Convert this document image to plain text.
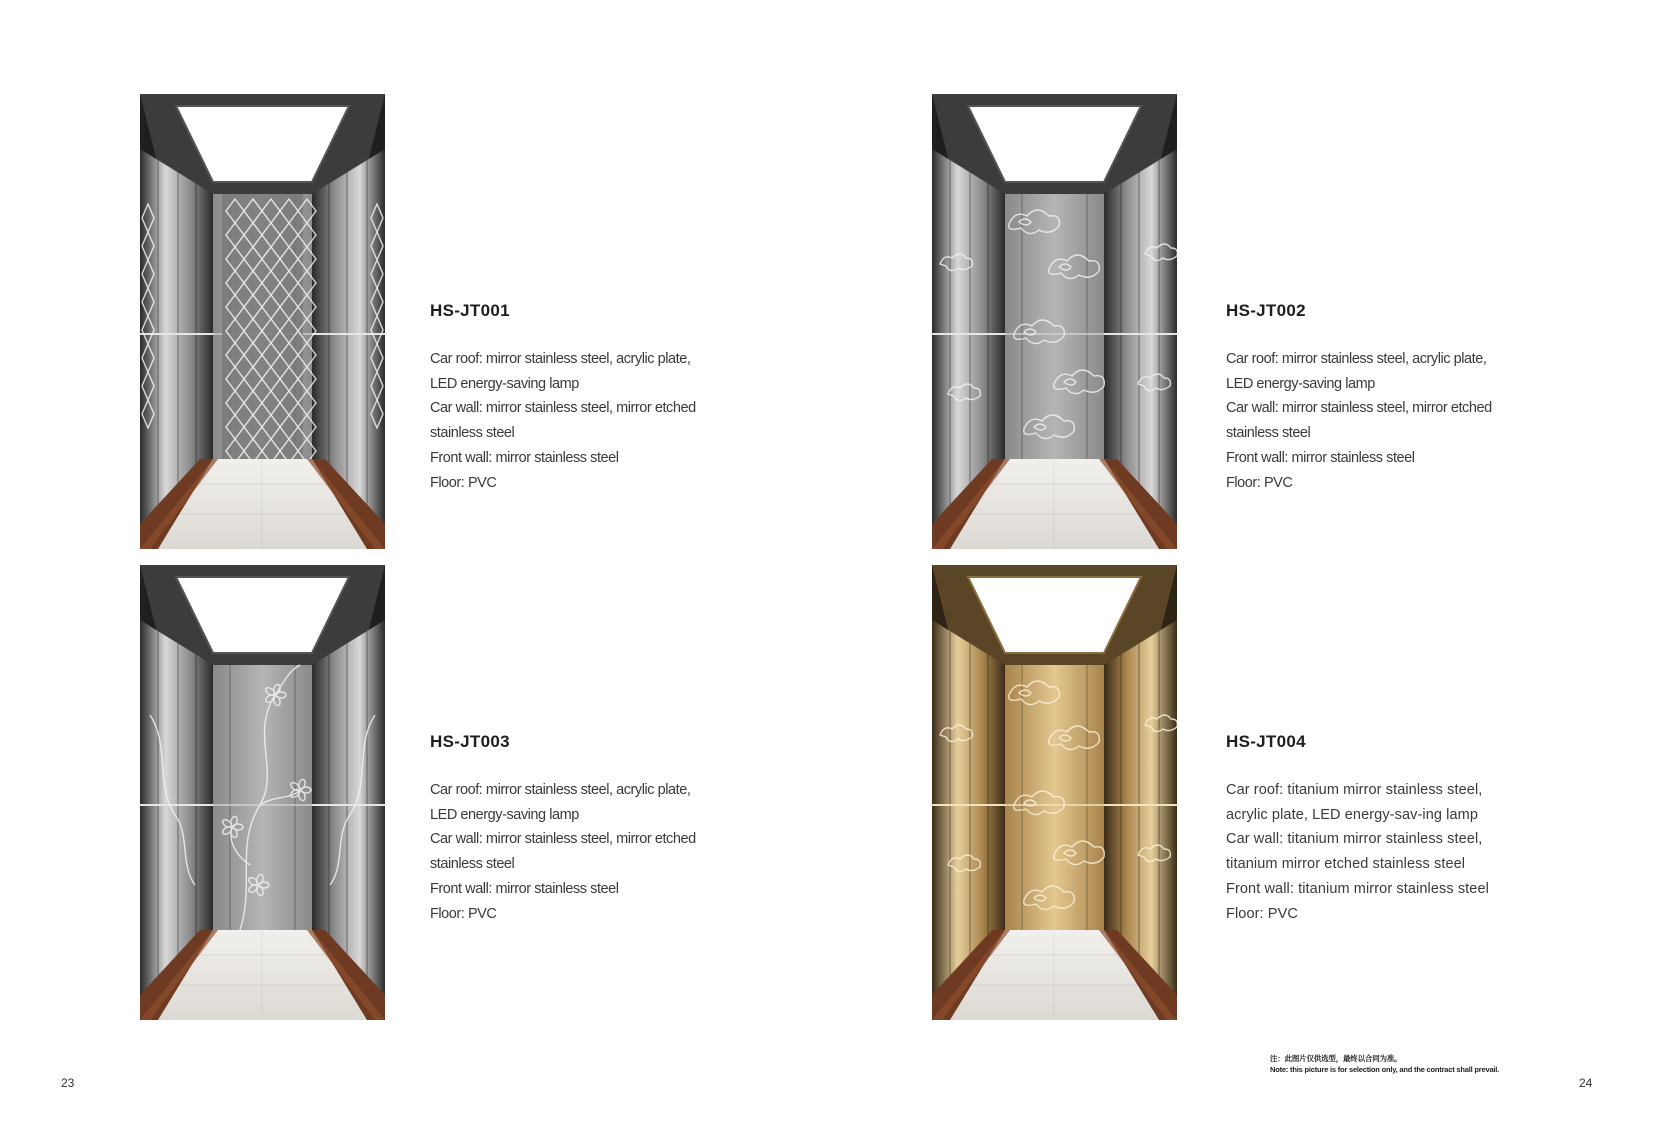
HS-JT001
Car roof: mirror stainless steel, acrylic plate,
LED energy-saving lamp
Car wall: mirror stainless steel, mirror etched
stainless steel
Front wall: mirror stainless steel
Floor: PVC
HS-JT002
Car roof: mirror stainless steel, acrylic plate,
LED energy-saving lamp
Car wall: mirror stainless steel, mirror etched
stainless steel
Front wall: mirror stainless steel
Floor: PVC
HS-JT003
Car roof: mirror stainless steel, acrylic plate,
LED energy-saving lamp
Car wall: mirror stainless steel, mirror etched
stainless steel
Front wall: mirror stainless steel
Floor: PVC
HS-JT004
Car roof: titanium mirror stainless steel,
acrylic plate, LED energy-sav-ing lamp
Car wall: titanium mirror stainless steel,
titanium mirror etched stainless steel
Front wall: titanium mirror stainless steel
Floor: PVC
注：此图片仅供选型，最终以合同为准。
Note: this picture is for selection only, and the contract shall prevail.
23	24
